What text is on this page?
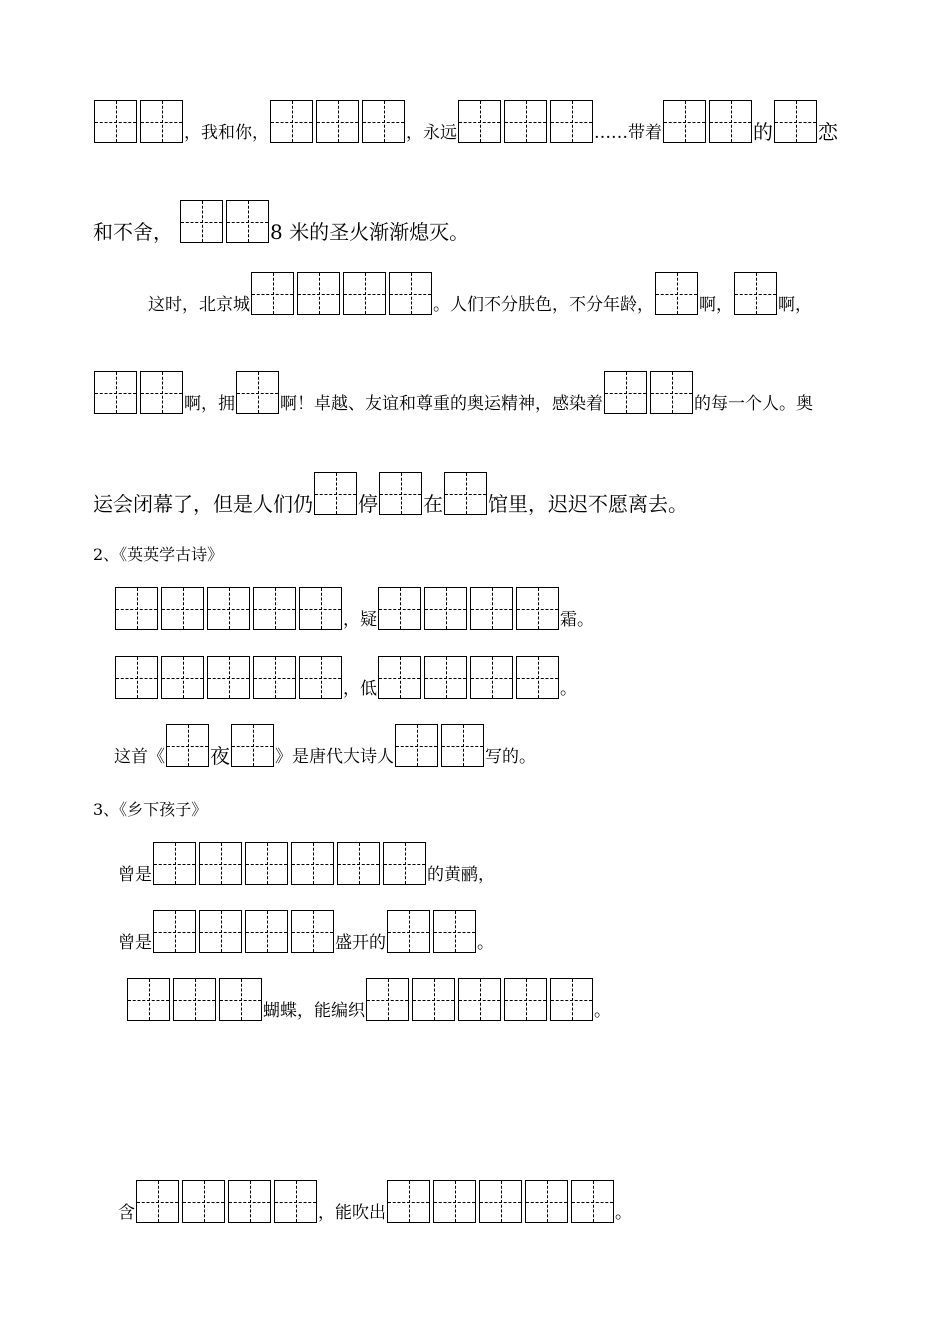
，我和你，	，永远	……带着	的 恋
和不舍，	8 米的圣火渐渐熄灭。
这时，北京城	。人们不分肤色，不分年龄，	啊，	啊，
啊，拥	啊！卓越、友谊和尊重的奥运精神，感染着	的每一个人。奥
运会闭幕了，但是人们仍 停 在 馆里，迟迟不愿离去。
2、《英英学古诗》
，疑	霜。
，低	。
这首《 夜	》是唐代大诗人	写的。
3、《乡下孩子》
曾是	的黄鹂，
曾是	盛开的	。
蝴蝶，能编织	。
含	，能吹出	。
